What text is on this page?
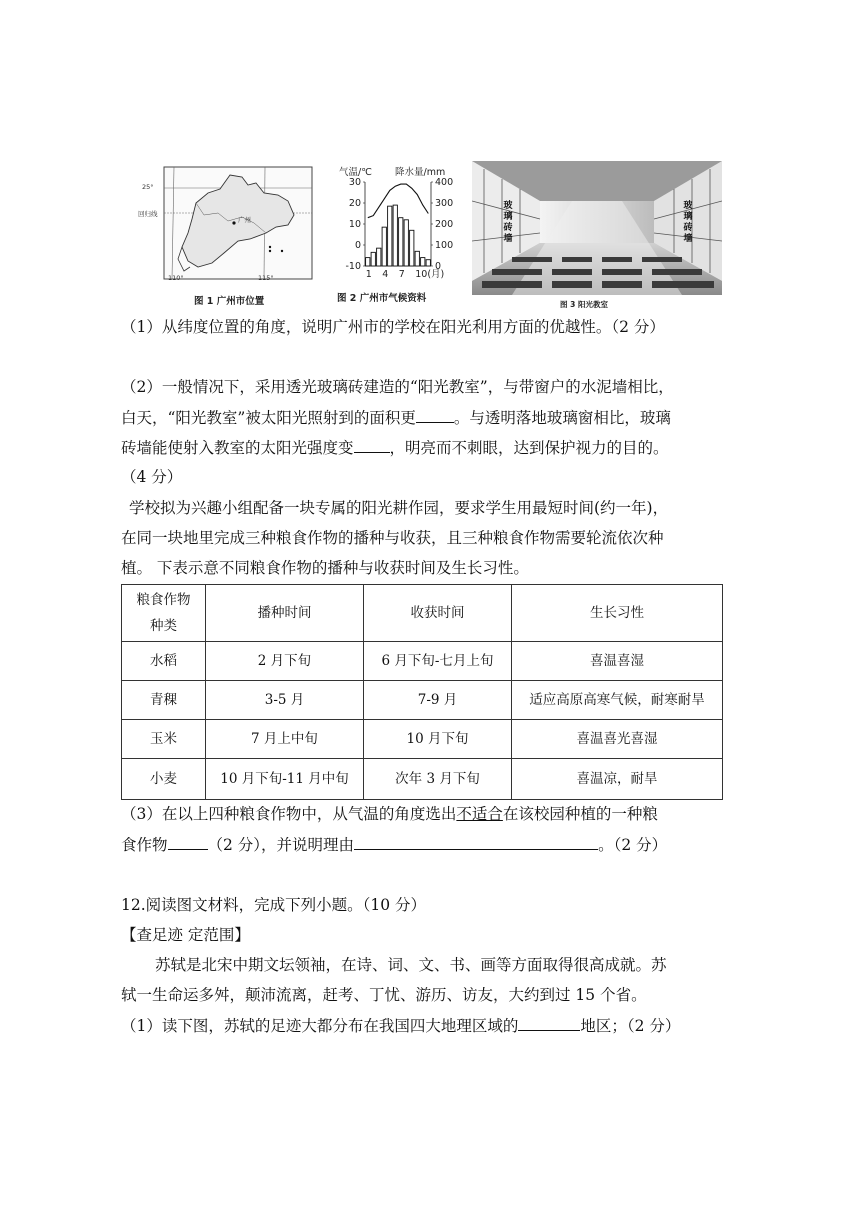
25°
回归线
广州
110°	115°
图 1 广州市位置
气温/℃ 降水量/mm
30
20
10
0
-10
400
300
200
100
0
1 4 7 10(月)
图 2 广州市气候资料
玻
璃
砖
墙
玻
璃
砖
墙
图 3 阳光教室
（1）从纬度位置的角度，说明广州市的学校在阳光利用方面的优越性。（2 分）
（2）一般情况下，采用透光玻璃砖建造的“阳光教室”，与带窗户的水泥墙相比，
白天，“阳光教室”被太阳光照射到的面积更 。与透明落地玻璃窗相比，玻璃
砖墙能使射入教室的太阳光强度变 ，明亮而不刺眼，达到保护视力的目的。
（4 分）
学校拟为兴趣小组配备一块专属的阳光耕作园，要求学生用最短时间(约一年)，
在同一块地里完成三种粮食作物的播种与收获，且三种粮食作物需要轮流依次种
植。 下表示意不同粮食作物的播种与收获时间及生长习性。
粮食作物种类	播种时间	收获时间	生长习性
水稻	2 月下旬	6 月下旬-七月上旬	喜温喜湿
青稞	3-5 月	7-9 月	适应高原高寒气候，耐寒耐旱
玉米	7 月上中旬	10 月下旬	喜温喜光喜湿
小麦	10 月下旬-11 月中旬	次年 3 月下旬	喜温凉，耐旱
（3）在以上四种粮食作物中，从气温的角度选出不适合在该校园种植的一种粮
食作物	（2 分），并说明理由	。（2 分）
12.阅读图文材料，完成下列小题。（10 分）
【查足迹 定范围】
苏轼是北宋中期文坛领袖，在诗、词、文、书、画等方面取得很高成就。苏
轼一生命运多舛，颠沛流离，赶考、丁忧、游历、访友，大约到过 15 个省。
（1）读下图，苏轼的足迹大都分布在我国四大地理区域的	地区；（2 分）
